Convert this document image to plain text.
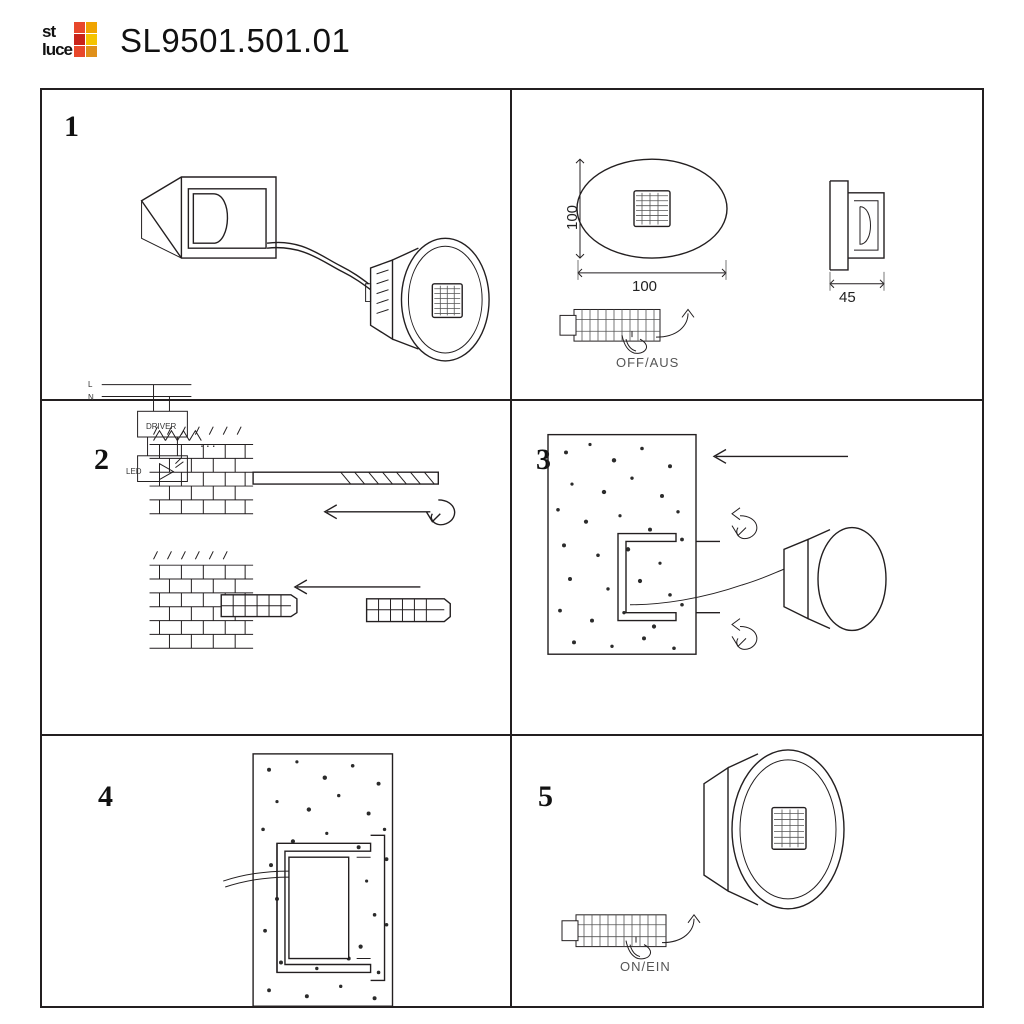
st
luce SL9501.501.01
1
L
N
DRIVER
LED
...
100
100
45
OFF/AUS
2	3
4	5
ON/EIN
